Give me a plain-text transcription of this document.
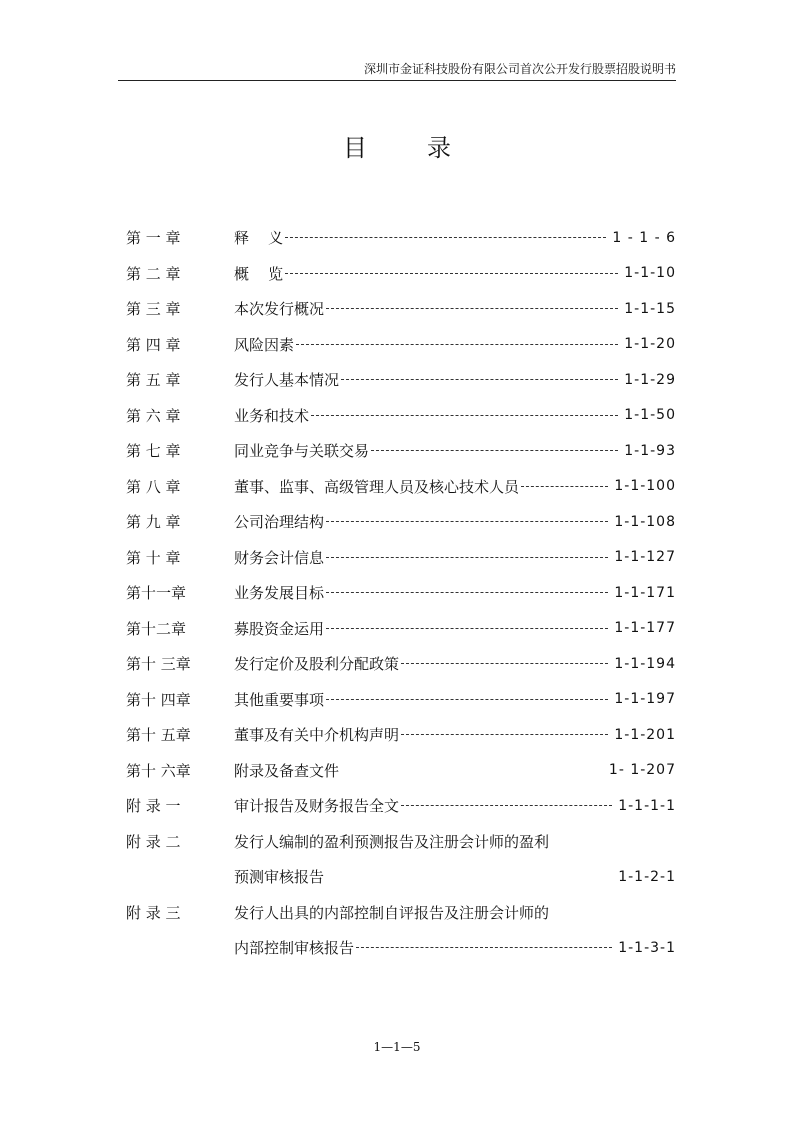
深圳市金证科技股份有限公司首次公开发行股票招股说明书
目	录
第 一 章	释    义	1 - 1 - 6
第 二 章	概    览	1-1-10
第 三 章	本次发行概况	1-1-15
第 四 章	风险因素	1-1-20
第 五 章	发行人基本情况	1-1-29
第 六 章	业务和技术	1-1-50
第 七 章	同业竞争与关联交易	1-1-93
第 八 章	董事、监事、高级管理人员及核心技术人员	1-1-100
第 九 章	公司治理结构	1-1-108
第 十 章	财务会计信息	1-1-127
第十一章	业务发展目标	1-1-171
第十二章	募股资金运用	1-1-177
第十 三章	发行定价及股利分配政策	1-1-194
第十 四章	其他重要事项	1-1-197
第十 五章	董事及有关中介机构声明	1-1-201
第十 六章	附录及备查文件	1- 1-207
附 录 一	审计报告及财务报告全文	1-1-1-1
附 录 二	发行人编制的盈利预测报告及注册会计师的盈利
预测审核报告	1-1-2-1
附 录 三	发行人出具的内部控制自评报告及注册会计师的
内部控制审核报告	1-1-3-1
1—1—5
